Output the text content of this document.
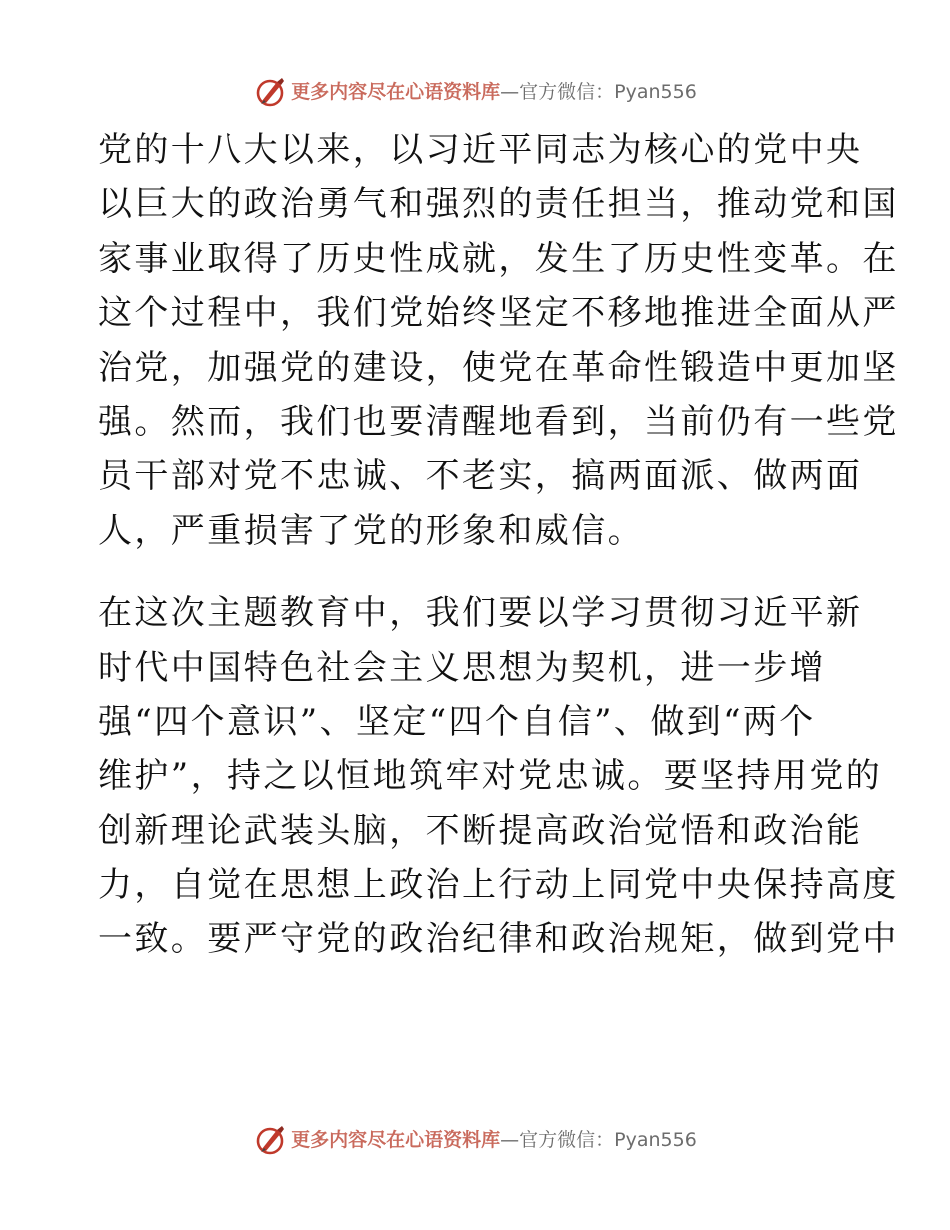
更多内容尽在心语资料库 —官方微信：Pyan556

党的十八大以来，以习近平同志为核心的党中央
以巨大的政治勇气和强烈的责任担当，推动党和国
家事业取得了历史性成就，发生了历史性变革。在
这个过程中，我们党始终坚定不移地推进全面从严
治党，加强党的建设，使党在革命性锻造中更加坚
强。然而，我们也要清醒地看到，当前仍有一些党
员干部对党不忠诚、不老实，搞两面派、做两面
人，严重损害了党的形象和威信。

在这次主题教育中，我们要以学习贯彻习近平新
时代中国特色社会主义思想为契机，进一步增
强“四个意识”、坚定“四个自信”、做到“两个
维护”，持之以恒地筑牢对党忠诚。要坚持用党的
创新理论武装头脑，不断提高政治觉悟和政治能
力，自觉在思想上政治上行动上同党中央保持高度
一致。要严守党的政治纪律和政治规矩，做到党中

更多内容尽在心语资料库 —官方微信：Pyan556
